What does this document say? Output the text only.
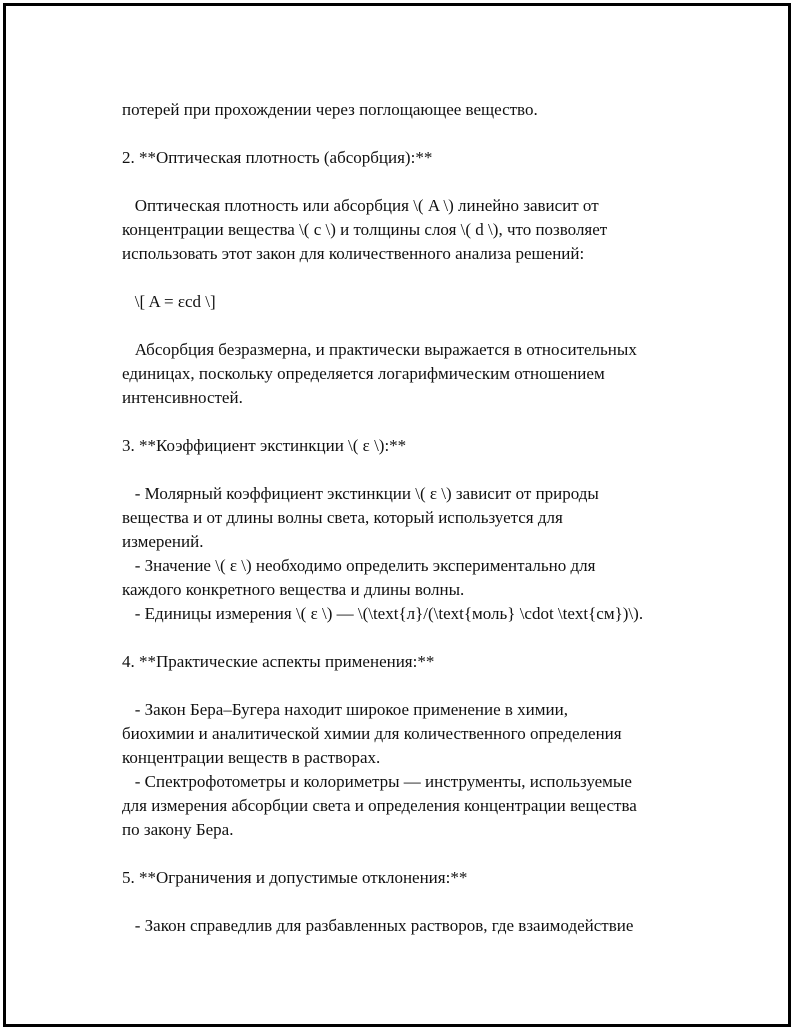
потерей при прохождении через поглощающее вещество.
2. **Оптическая плотность (абсорбция):**
Оптическая плотность или абсорбция \( A \) линейно зависит от
концентрации вещества \( c \) и толщины слоя \( d \), что позволяет
использовать этот закон для количественного анализа решений:
\[ A = εcd \]
Абсорбция безразмерна, и практически выражается в относительных
единицах, поскольку определяется логарифмическим отношением
интенсивностей.
3. **Коэффициент экстинкции \( ε \):**
- Молярный коэффициент экстинкции \( ε \) зависит от природы
вещества и от длины волны света, который используется для
измерений.
- Значение \( ε \) необходимо определить экспериментально для
каждого конкретного вещества и длины волны.
- Единицы измерения \( ε \) — \(\text{л}/(\text{моль} \cdot \text{см})\).
4. **Практические аспекты применения:**
- Закон Бера–Бугера находит широкое применение в химии,
биохимии и аналитической химии для количественного определения
концентрации веществ в растворах.
- Спектрофотометры и колориметры — инструменты, используемые
для измерения абсорбции света и определения концентрации вещества
по закону Бера.
5. **Ограничения и допустимые отклонения:**
- Закон справедлив для разбавленных растворов, где взаимодействие
